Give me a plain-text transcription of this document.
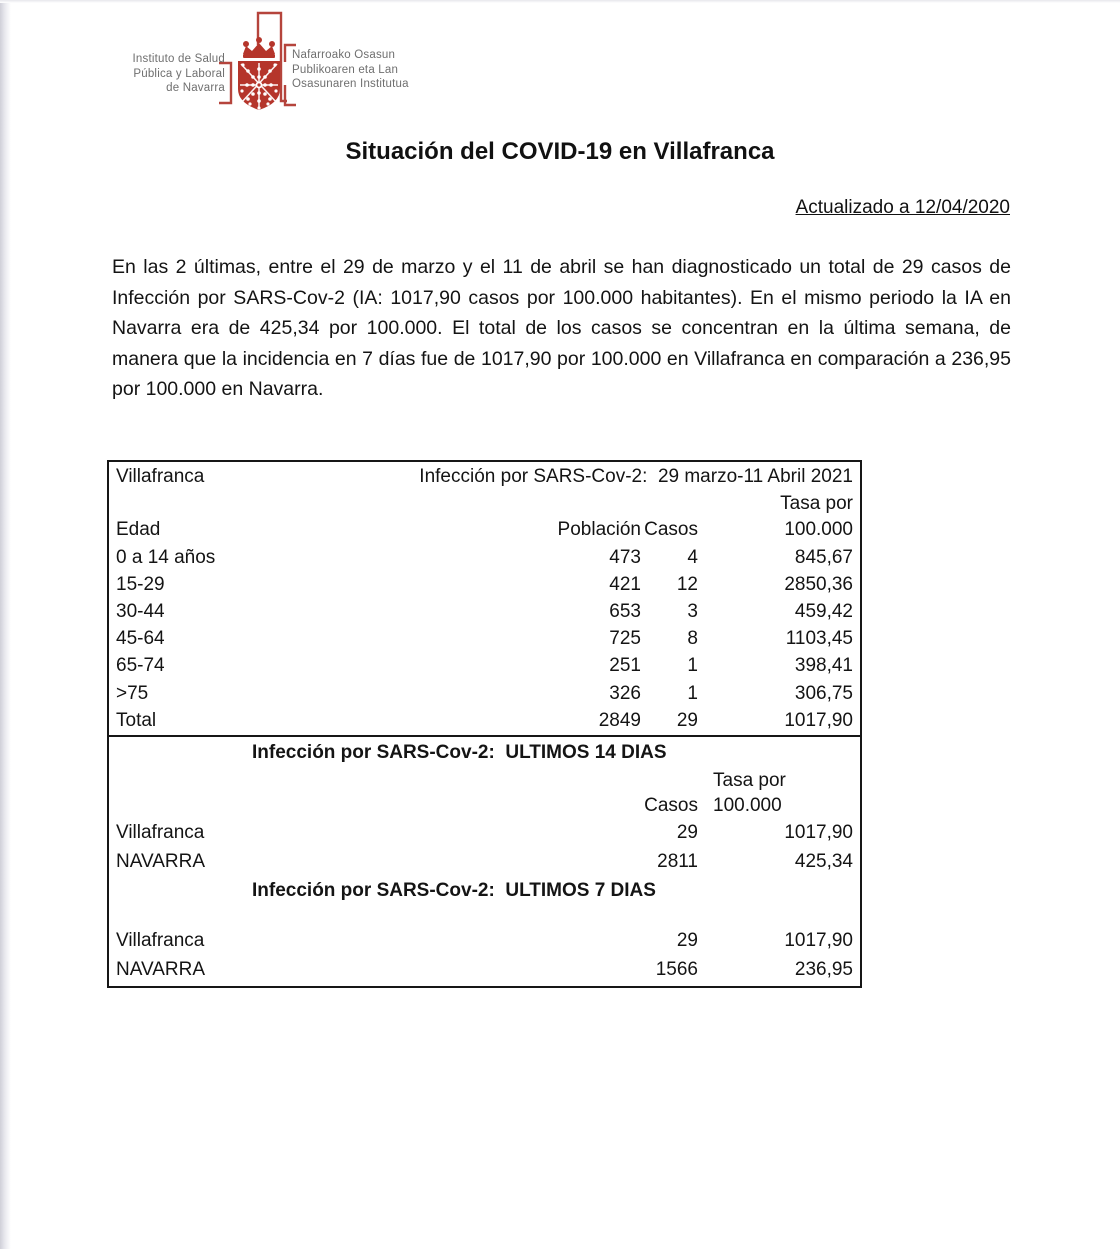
Instituto de Salud
Pública y Laboral
de Navarra
Nafarroako Osasun
Publikoaren eta Lan
Osasunaren Institutua
Situación del COVID-19 en Villafranca
Actualizado a 12/04/2020

En las 2 últimas, entre el 29 de marzo y el 11 de abril se han diagnosticado un total de 29 casos de Infección por SARS-Cov-2 (IA: 1017,90 casos por 100.000 habitantes). En el mismo periodo la IA en Navarra era de 425,34 por 100.000. El total de los casos se concentran en la última semana, de manera que la incidencia en 7 días fue de 1017,90 por 100.000 en Villafranca en comparación a 236,95 por 100.000 en Navarra.

Villafranca	Infección por SARS-Cov-2:  29 marzo-11 Abril 2021
Tasa por
Edad	Población Casos	100.000
0 a 14 años	473	4	845,67
15-29	421	12	2850,36
30-44	653	3	459,42
45-64	725	8	1103,45
65-74	251	1	398,41
>75	326	1	306,75
Total	2849	29	1017,90
Infección por SARS-Cov-2:  ULTIMOS 14 DIAS
Tasa por
Casos 100.000
Villafranca	29	1017,90
NAVARRA	2811	425,34
Infección por SARS-Cov-2:  ULTIMOS 7 DIAS
Villafranca	29	1017,90
NAVARRA	1566	236,95
